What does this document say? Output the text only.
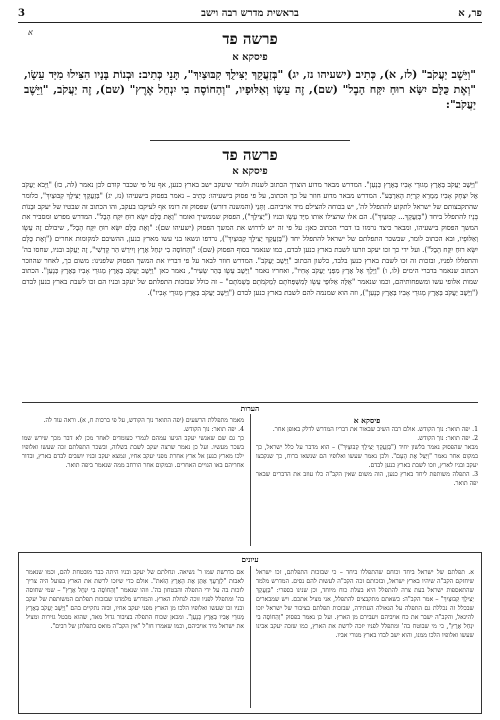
פר, א
בראשית מדרש רבה וישב
3
א	פרשה פד
פיסקא א

"וַיֵּשֶׁב יַעֲקֹב" (לז, א), כְּתִיב (ישעיהו נז, יג) "בְּזַעֲקֵךְ יַצִּילֻךְ קִבּוּצַיִךְ", תָּנֵי כְּתִיב: וּבְנוֹת בָּנָיו הִצִּילוּ מִיַּד עֵשָׂו, "וְאֶת כֻּלָּם יִשָּׂא רוּחַ יִקַּח הָבֶל" (שם), זֶה עֵשָׂו וְאַלּוּפָיו, "וְהַחוֹסֶה בִי יִנְחַל אֶרֶץ" (שם), זֶה יַעֲקֹב, "וַיֵּשֶׁב יַעֲקֹב":

פרשה פד
פיסקא א

"וַיֵּשֶׁב יַעֲקֹב בְּאֶרֶץ מְגוּרֵי אָבִיו בְּאֶרֶץ כְּנָעַן". המדרש מבאר מדוע הוצרך הכתוב לשנות ולומר שיעקב ישב בארץ כנען, אף על פי שכבר קודם לכן נאמר (לה, כז) "וַיָּבֹא יַעֲקֹב אֶל יִצְחָק אָבִיו מַמְרֵא קִרְיַת הָאַרְבַּע". המדרש מבאר מדוע חוזר על כך הכתוב, על פי פסוק בישעיהו: כְּתִיב – נאמר בפסוק בישעיהו (נז, יג) "בְּזַעֲקֵךְ יַצִּילֻךְ קִבּוּצַיִךְ", כלומר שהתקבצותם של ישראל לתקוע להתפלל לה', יש בכוחה להצילם מיד אויביהם. וְתָּנֵי (והמשנה דורש) שפסוק זה רומז אף לעיקבו בעקב, והו הכתוב זה שבטיו של יעקב וּבְנוֹת בָּנָיו להתפלל ביחד ("בְּזַעֲקֵךְ... קִבּוּצַיִךְ"). הם אלו שהצילו אותו מִיַּד עֵשָׂו ובניו ("יַצִּילֻךְ"), הפסוק שממשיך ואומר "וְאֶת כֻּלָּם יִשָּׂא רוּחַ יִקַּח הָבֶל". המדרש מפרש ומסביר את המשך הפסוק בישעיהו, ומבאר כיצד נרמזו בו דברי הכתוב כאן: על פי זה יש לדרוש את המשך הפסוק (ישעיהו שם): "וְאֶת כֻּלָּם יִשָּׂא רוּחַ יִקַּח הָבֶל", שיבולם זֶה עֵשָׂו וְאַלּוּפָיו, ובא הכתוב לומר, שבשכר התפלתם של ישראל להתפלל יחד ("בְּזַעֲקֵךְ יַצִּילֻךְ קִבּוּצַיִךְ"), נרדפו ונשאו בני עשו מארץ כנען, ההשיבם למקומות אחרים ("וְאֶת כֻּלָּם יִשָּׂא רוּחַ יִקַּח הָבֶל"). ועל ידי כך זכו יעקב וזרעו לשבת בארץ כנען לבדם, כמו שנאמר בסוף הפסוק (שם): "וְהַחוֹסֶה בִי יִנְחַל אֶרֶץ וְיִירַשׁ הַר קָדְשִׁי", זֶה יַעֲקֹב ובניו, שחסו בה' והתפללו לפניו, ובזכות זה זכו לשבת בארץ כנען בלבד, כלשון הכתוב "וַיֵּשֶׁב יַעֲקֹב". המדרש חוזר לבאר על פי דבריו את המשך הפסוק שלפנינו: משום כך, לאחר שהוזכר הכתוב שנאמר בדברי הימים (לו, ו) "וַיֵּלֶךְ אֶל אֶרֶץ מִפְּנֵי יַעֲקֹב אָחִיו", ואחריו נאמר "וַיֵּשֶׁב עֵשָׂו בְּהַר שֵׂעִיר", נאמר כאן "וַיֵּשֶׁב יַעֲקֹב בְּאֶרֶץ מְגוּרֵי אָבִיו בְּאֶרֶץ כְּנָעַן". הכתוב שמות אלופי עשו ומשפחותיהם, וכמו שנאמר "אֵלֶּה אַלּוּפֵי עֵשָׂו לְמִשְׁפְּחֹתָם לִמְקֹמֹתָם בְּשֵׁמֹתָם" – זה כולל שבזכות התפלתם של יעקב ובניו הם זכו לשבת בארץ כנען לבדם ("וַיֵּשֶׁב יַעֲקֹב בְּאֶרֶץ מְגוּרֵי אָבִיו בְּאֶרֶץ כְּנָעַן"), וזה הוא שמנמה להם לשבת בארץ כנען לבדם ("וַיֵּשֶׁב יַעֲקֹב בְּאֶרֶץ מְגוּרֵי אָבִיו").

הערות
פיסקא א
1. יפה תואר: נוך הקודש. אולם רבה השיב שבאור את דבריו המדרש לדלק באופן אחר.
2. יפה תואר: נוך הקודש.
מבאר שהפסוק נאמר בלשון יחיד ("בְּזַעֲקֵךְ יַצִּילֻךְ קִבּוּצַיִךְ") – הוא מדבר על כלל ישראל, כך במקום אחר נאמר "וַיַּצִּל אֶת הָעָם". ולכן נאמר שעשו ואלופיו הם שנשאו ברוח, כך שנקבצו יעקב ובניו לארץ, וזכו לשבת בארץ כנען לבדם.
3. התפלה משותפת ליחד בארץ כנען, הוה משום שאין הקב"ה כלו עוזב את הדברים שבאר יפה תואר.
מאמר מתפללת הרשעים (יפה התואר נוך הקודש, על פי ברכות ח, א). וראה עוד לה.
4. יפה תואר: נוך הקודש.
כך גם שם שאנשי יעקב הגיעו עמהם לגמרי כעומדים לאחר מכן לא דבר מכך שירש שמו בשכר מעשיו. ועל כן נאמר שרצה יעקב לשבת בשלוה, ובשכר התפלתם זכה שעשו ואלופיו ילכו מארץ כנען אל ארץ אחרת מפני יעקב אחיו, ונמצא יעקב ובניו יושבים לבדם בארץ, ובדור אחריהם באו הגויים האחרים. ובמקום אחר הורחב ממה שנאמר ביפה תואר.
עיונים
א. תפלתם של ישראל ביחד וכוחם שהתפללו ביחד – כי שבזכות התפלתם, זכו ישראל שיחזקם הקב"ה שיהיו בארץ ישראל, ובזכותם זכה הקב"ה לעשות להם נסים. המדרש מלמד שהתאספות ישראל בעת צרה להתפלל היא בעלת כוח מיוחד, וכן שנינו בספרי: "בְּזַעֲקֵךְ יַצִּילֻךְ קִבּוּצַיִךְ" – אמר הקב"ה: כשאתם מתקבצים להתפלל, אני מציל אתכם. ויש שמבארים שבכלל זה נכללת גם התפלה על הגאולה העתידה, שבזכות תפלתם בציבור של ישראל יזכו להיגאל, והקב"ה ישבר את כח אויביהם ויעבירם מן הארץ. ועל כן נאמר בפסוק "וְהַחוֹסֶה בִי יִנְחַל אֶרֶץ", כי מי שבוטח בה' ומתפלל לפניו יזכה לרשת את הארץ, כמו שזכה יעקב אבינו שעשו ואלופיו הלכו ממנו, והוא ישב לבדו בארץ מגורי אביו.
אם כדרשת שמו ר' נשיאה. ונחלתם של יעקב ובניו היתה כבר מובטחת להם, וכמו שנאמר לאבות "לְזַרְעֲךָ אֶתֵּן אֶת הָאָרֶץ הַזֹּאת". אולם כדי שיזכו לרשת את הארץ בפועל היה צריך לזכות בה על ידי התפלה והבטחון בה'. וזהו שנאמר "וְהַחוֹסֶה בִי יִנְחַל אֶרֶץ" – שמי שחוסה בה' ומתפלל לפניו זוכה לנחלת הארץ. והמדרש מלמדנו שבזכות תפלתם המשותפת של יעקב ובניו זכו שעשו ואלופיו הלכו מן הארץ מפני יעקב אחיו, ובזה נתקיים בהם "וַיֵּשֶׁב יַעֲקֹב בְּאֶרֶץ מְגוּרֵי אָבִיו בְּאֶרֶץ כְּנָעַן". ומכאן שכוח התפלה בציבור גדול מאד, שהוא מבטל גזירות ומציל את ישראל מיד אויביהם, וכמו שאמרו חז"ל "אין הקב"ה מואס בתפלתן של רבים".
